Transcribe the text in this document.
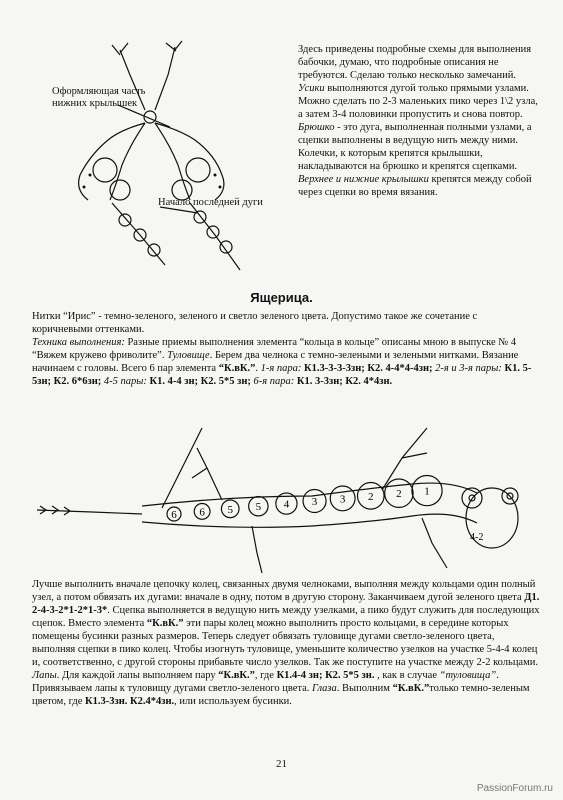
Оформляющая часть нижних крылышек
Начало последней дуги
Здесь приведены подробные схемы для выполнения бабочки, думаю, что подробные описания не требуются. Сделаю только несколько замечаний. Усики выполняются дугой только прямыми узлами. Можно сделать по 2-3 маленьких пико через 1\2 узла, а затем 3-4 половинки пропустить и снова повтор. Брюшко - это дуга, выполненная полными узлами, а сцепки выполнены в ведущую нить между ними. Колечки, к которым крепятся крылышки, накладываются на брюшко и крепятся сцепками. Верхнее и нижние крылышки крепятся между собой через сцепки во время вязания.
Ящерица.
Нитки “Ирис” - темно-зеленого, зеленого и светло зеленого цвета. Допустимо такое же сочетание с коричневыми оттенками.
Техника выполнения: Разные приемы выполнения элемента “кольца в кольце” описаны мною в выпуске № 4 “Вяжем кружево фриволите”. Туловище. Берем два челнока с темно-зелеными и зелеными нитками. Вязание начинаем с головы. Всего 6 пар элемента “К.вК.”. 1-я пара: К1.3-3-3-3зн; К2. 4-4*4-4зн; 2-я и 3-я пары: К1. 5-5зн; К2. 6*6зн; 4-5 пары: К1. 4-4 зн; К2. 5*5 зн; 6-я пара: К1. 3-3зн; К2. 4*4зн.
6 6 5 5 4 3 3 2 2 1
4-2
Лучше выполнить вначале цепочку колец, связанных двумя челноками, выполняя между кольцами один полный узел, а потом обвязать их дугами: вначале в одну, потом в другую сторону. Заканчиваем дугой зеленого цвета Д1. 2-4-3-2*1-2*1-3*. Сцепка выполняется в ведущую нить между узелками, а пико будут служить для последующих сцепок. Вместо элемента “К.вК.” эти пары колец можно выполнить просто кольцами, в середине которых помещены бусинки разных размеров. Теперь следует обвязать туловище дугами светло-зеленого цвета, выполняя сцепки в пико колец. Чтобы изогнуть туловище, уменьшите количество узелков на участке 5-4-4 колец и, соответственно, с другой стороны прибавьте число узелков. Так же поступите на участке между 2-2 кольцами. Лапы. Для каждой лапы выполняем пару “К.вК.”, где К1.4-4 зн; К2. 5*5 зн. , как в случае “туловища”. Привязываем лапы к туловищу дугами светло-зеленого цвета. Глаза. Выполним “К.вК.”только темно-зеленым цветом, где К1.3-3зн. К2.4*4зн., или используем бусинки.
21
PassionForum.ru
